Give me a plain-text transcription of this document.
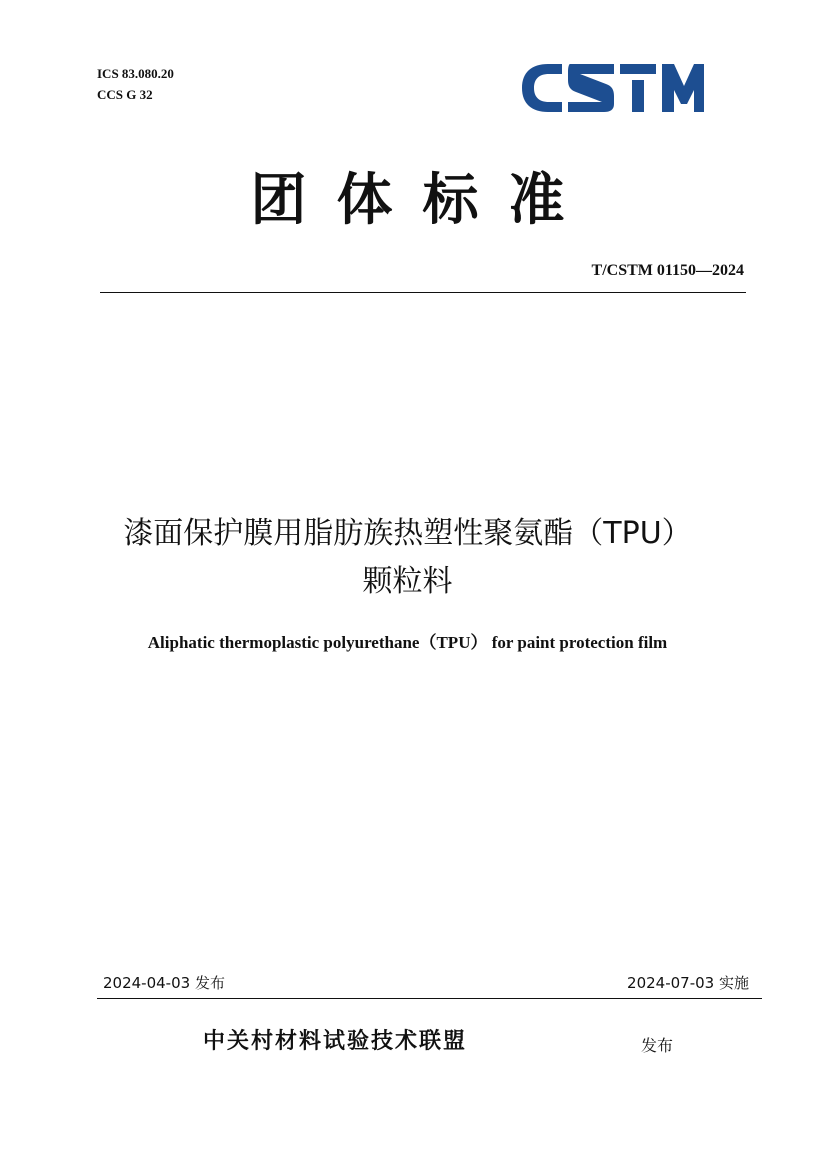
ICS 83.080.20
CCS G 32
团体标准
T/CSTM 01150—2024
漆面保护膜用脂肪族热塑性聚氨酯（TPU）
颗粒料
Aliphatic thermoplastic polyurethane（TPU） for paint protection film
2024-04-03 发布	2024-07-03 实施
中关村材料试验技术联盟	发布
